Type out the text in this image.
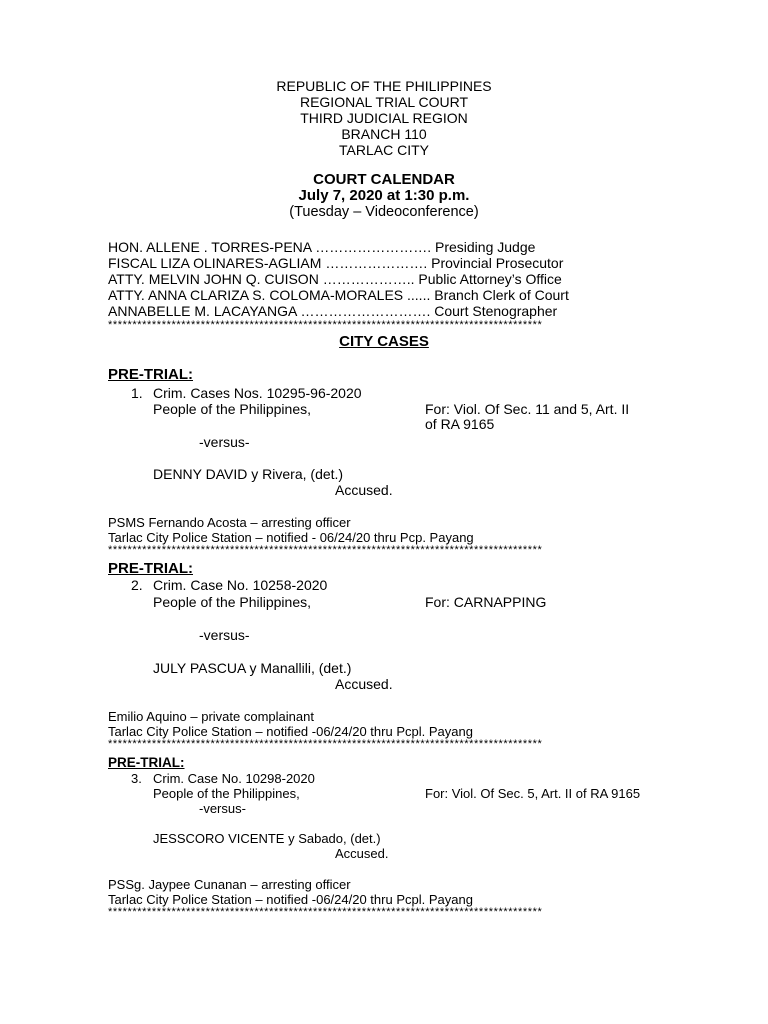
REPUBLIC OF THE PHILIPPINES
REGIONAL TRIAL COURT
THIRD JUDICIAL REGION
BRANCH 110
TARLAC CITY
COURT CALENDAR
July 7, 2020 at 1:30 p.m.
(Tuesday – Videoconference)
HON. ALLENE . TORRES-PENA ……………………. Presiding Judge
FISCAL LIZA OLINARES-AGLIAM …………………. Provincial Prosecutor
ATTY. MELVIN JOHN Q. CUISON ……………….. Public Attorney’s Office
ATTY. ANNA CLARIZA S. COLOMA-MORALES ...... Branch Clerk of Court
ANNABELLE M. LACAYANGA ………………………. Court Stenographer
*****************************************************************************************
CITY CASES
PRE-TRIAL:
1. Crim. Cases Nos. 10295-96-2020
People of the Philippines,	For: Viol. Of Sec. 11 and 5, Art. II
of RA 9165
-versus-
DENNY DAVID y Rivera, (det.)
Accused.
PSMS Fernando Acosta – arresting officer
Tarlac City Police Station – notified - 06/24/20 thru Pcp. Payang
*****************************************************************************************
PRE-TRIAL:
2. Crim. Case No. 10258-2020
People of the Philippines,	For: CARNAPPING
-versus-
JULY PASCUA y Manallili, (det.)
Accused.
Emilio Aquino – private complainant
Tarlac City Police Station – notified -06/24/20 thru Pcpl. Payang
*****************************************************************************************
PRE-TRIAL:
3. Crim. Case No. 10298-2020
People of the Philippines,	For: Viol. Of Sec. 5, Art. II of RA 9165
-versus-
JESSCORO VICENTE y Sabado, (det.)
Accused.
PSSg. Jaypee Cunanan – arresting officer
Tarlac City Police Station – notified -06/24/20 thru Pcpl. Payang
*****************************************************************************************
